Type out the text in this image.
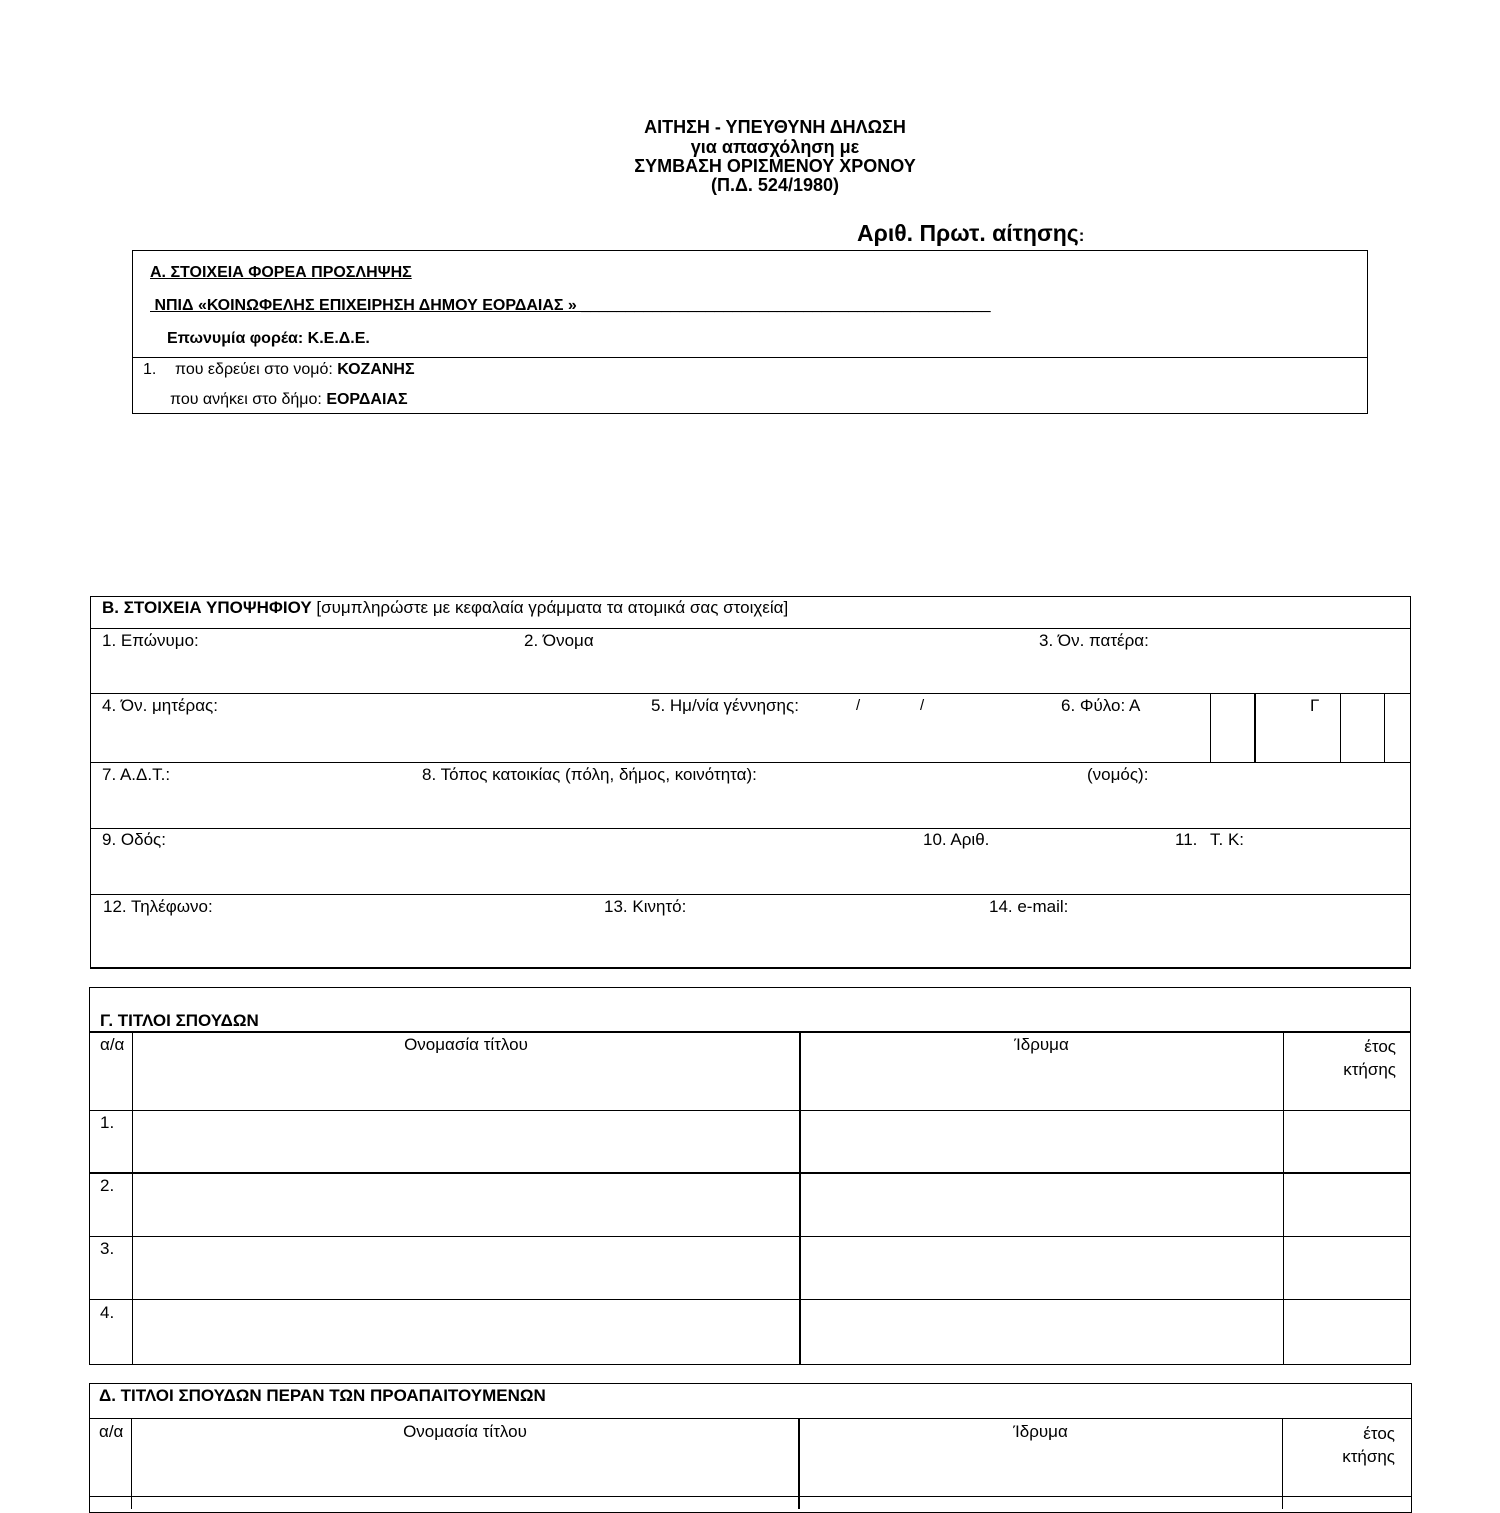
ΑΙΤΗΣΗ - ΥΠΕΥΘΥΝΗ ΔΗΛΩΣΗ
για απασχόληση με
ΣΥΜΒΑΣΗ ΟΡΙΣΜΕΝΟΥ ΧΡΟΝΟΥ
(Π.Δ. 524/1980)
Αριθ. Πρωτ. αίτησης:
Α. ΣΤΟΙΧΕΙΑ ΦΟΡΕΑ ΠΡΟΣΛΗΨΗΣ
ΝΠΙΔ «ΚΟΙΝΩΦΕΛΗΣ ΕΠΙΧΕΙΡΗΣΗ ΔΗΜΟΥ ΕΟΡΔΑΙΑΣ » ______________________________________________
Επωνυμία φορέα: Κ.Ε.Δ.Ε.
1. που εδρεύει στο νομό: ΚΟΖΑΝΗΣ
που ανήκει στο δήμο: ΕΟΡΔΑΙΑΣ
Β. ΣΤΟΙΧΕΙΑ ΥΠΟΨΗΦΙΟΥ [συμπληρώστε με κεφαλαία γράμματα τα ατομικά σας στοιχεία]
1. Επώνυμο:	2. Όνομα	3. Όν. πατέρα:
4. Όν. μητέρας:	5. Ημ/νία γέννησης:	/	/	6. Φύλο: Α	Γ
7. Α.Δ.Τ.:	8. Τόπος κατοικίας (πόλη, δήμος, κοινότητα):	(νομός):
9. Οδός:	10. Αριθ.	11. Τ. Κ:
12. Τηλέφωνο:	13. Κινητό:	14. e-mail:
Γ. ΤΙΤΛΟΙ ΣΠΟΥΔΩΝ
α/α	Ονομασία τίτλου	Ίδρυμα	έτος
κτήσης
1.
2.
3.
4.
Δ. ΤΙΤΛΟΙ ΣΠΟΥΔΩΝ ΠΕΡΑΝ ΤΩΝ ΠΡΟΑΠΑΙΤΟΥΜΕΝΩΝ
α/α	Ονομασία τίτλου	Ίδρυμα	έτος
κτήσης
